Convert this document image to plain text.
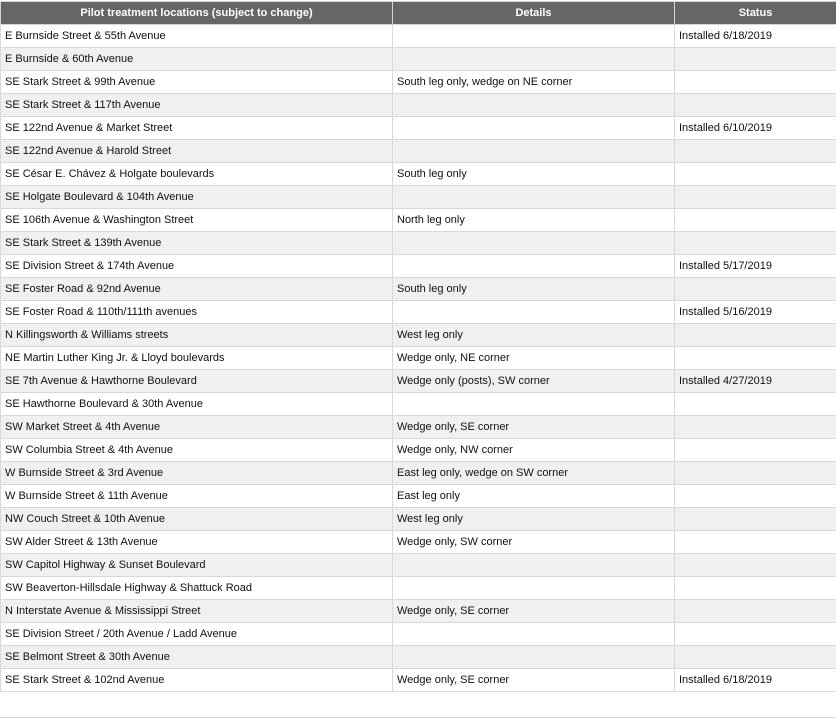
Pilot treatment locations (subject to change)	Details	Status
E Burnside Street & 55th Avenue		Installed 6/18/2019
E Burnside & 60th Avenue		
SE Stark Street & 99th Avenue	South leg only, wedge on NE corner	
SE Stark Street & 117th Avenue		
SE 122nd Avenue & Market Street		Installed 6/10/2019
SE 122nd Avenue & Harold Street		
SE César E. Chávez & Holgate boulevards	South leg only	
SE Holgate Boulevard & 104th Avenue		
SE 106th Avenue & Washington Street	North leg only	
SE Stark Street & 139th Avenue		
SE Division Street & 174th Avenue		Installed 5/17/2019
SE Foster Road & 92nd Avenue	South leg only	
SE Foster Road & 110th/111th avenues		Installed 5/16/2019
N Killingsworth & Williams streets	West leg only	
NE Martin Luther King Jr. & Lloyd boulevards	Wedge only, NE corner	
SE 7th Avenue & Hawthorne Boulevard	Wedge only (posts), SW corner	Installed 4/27/2019
SE Hawthorne Boulevard & 30th Avenue		
SW Market Street & 4th Avenue	Wedge only, SE corner	
SW Columbia Street & 4th Avenue	Wedge only, NW corner	
W Burnside Street & 3rd Avenue	East leg only, wedge on SW corner	
W Burnside Street & 11th Avenue	East leg only	
NW Couch Street & 10th Avenue	West leg only	
SW Alder Street & 13th Avenue	Wedge only, SW corner	
SW Capitol Highway & Sunset Boulevard		
SW Beaverton-Hillsdale Highway & Shattuck Road		
N Interstate Avenue & Mississippi Street	Wedge only, SE corner	
SE Division Street / 20th Avenue / Ladd Avenue		
SE Belmont Street & 30th Avenue		
SE Stark Street & 102nd Avenue	Wedge only, SE corner	Installed 6/18/2019
